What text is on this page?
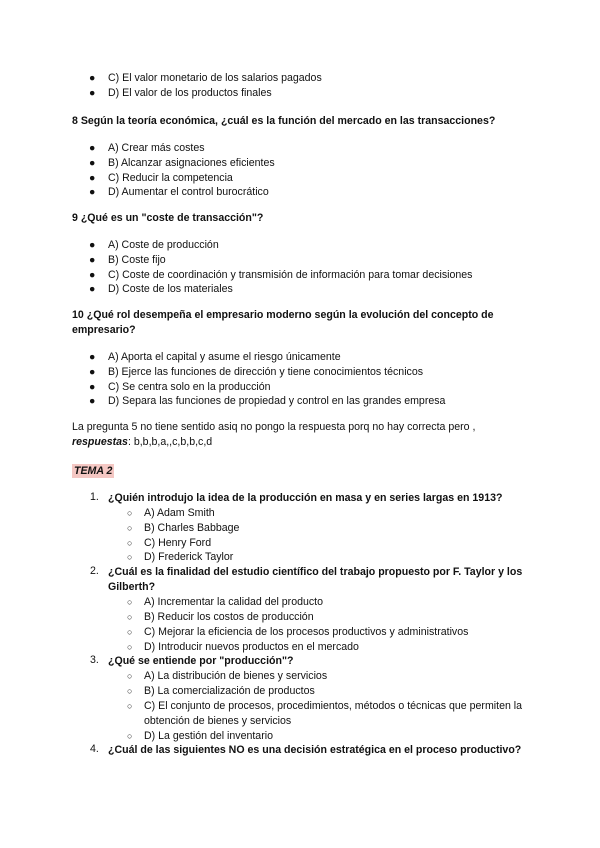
● C) El valor monetario de los salarios pagados
● D) El valor de los productos finales

8 Según la teoría económica, ¿cuál es la función del mercado en las transacciones?

● A) Crear más costes
● B) Alcanzar asignaciones eficientes
● C) Reducir la competencia
● D) Aumentar el control burocrático

9 ¿Qué es un "coste de transacción"?

● A) Coste de producción
● B) Coste fijo
● C) Coste de coordinación y transmisión de información para tomar decisiones
● D) Coste de los materiales

10 ¿Qué rol desempeña el empresario moderno según la evolución del concepto de empresario?

● A) Aporta el capital y asume el riesgo únicamente
● B) Ejerce las funciones de dirección y tiene conocimientos técnicos
● C) Se centra solo en la producción
● D) Separa las funciones de propiedad y control en las grandes empresa
La pregunta 5 no tiene sentido asiq no pongo la respuesta porq no hay correcta pero ,
respuestas: b,b,b,a,,c,b,b,c,d
TEMA 2
1. ¿Quién introdujo la idea de la producción en masa y en series largas en 1913?
○ A) Adam Smith
○ B) Charles Babbage
○ C) Henry Ford
○ D) Frederick Taylor
2. ¿Cuál es la finalidad del estudio científico del trabajo propuesto por F. Taylor y los Gilberth?
○ A) Incrementar la calidad del producto
○ B) Reducir los costos de producción
○ C) Mejorar la eficiencia de los procesos productivos y administrativos
○ D) Introducir nuevos productos en el mercado
3. ¿Qué se entiende por "producción"?
○ A) La distribución de bienes y servicios
○ B) La comercialización de productos
○ C) El conjunto de procesos, procedimientos, métodos o técnicas que permiten la obtención de bienes y servicios
○ D) La gestión del inventario
4. ¿Cuál de las siguientes NO es una decisión estratégica en el proceso productivo?
